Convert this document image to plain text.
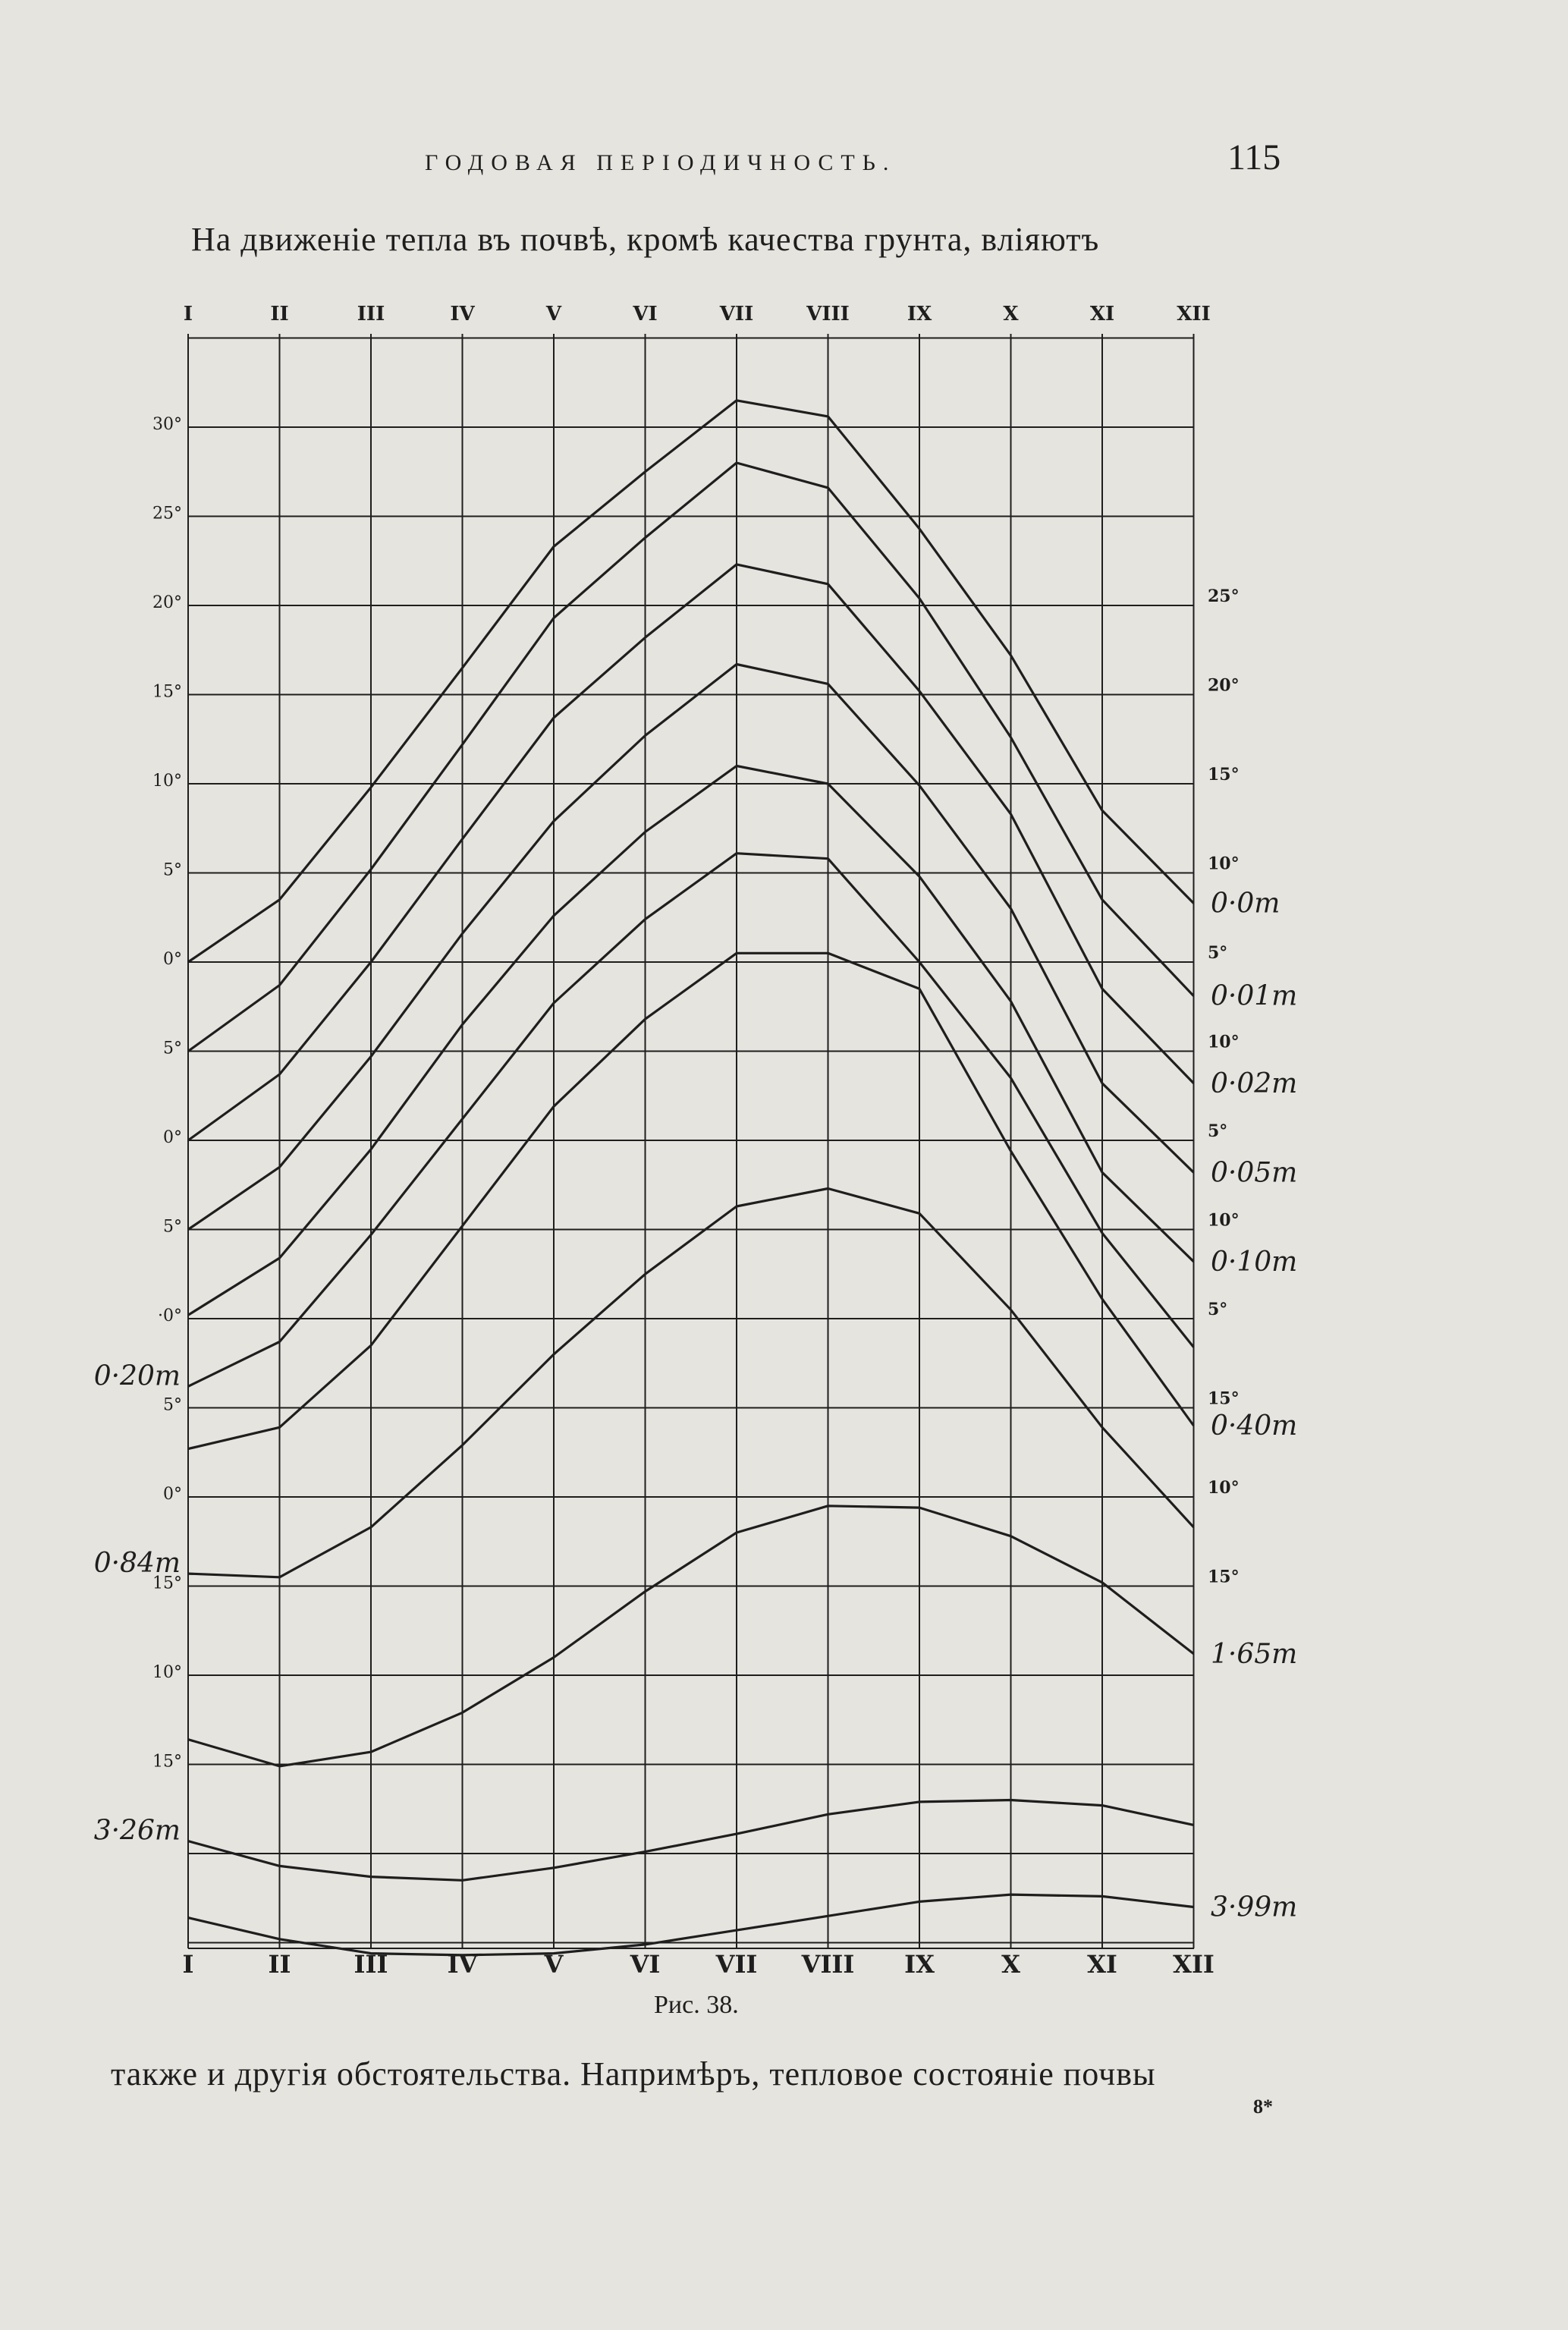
ГОДОВАЯ ПЕРІОДИЧНОСТЬ.	115
На движеніе тепла въ почвѣ, кромѣ качества грунта, вліяютъ
0·0m
0·01m
0·02m
0·05m
0·10m
0·20m
0·40m
0·84m
1·65m
3·26m
3·99m
I	II	III	IV	V	VI	VII	VIII	IX	X	XI	XII
I	II	III IV	V	VI VII VIII IX	X	XI XII
30°
25°
20°
15°
10°
5°
0°
5°
0°
5°
·0°
5°
0°
15°
10°
15°
25°
20°
15°
10°
5°
10°
5°
10°
5°
15°
10°
15°
Рис. 38.
также и другія обстоятельства. Напримѣръ, тепловое состояніе почвы
8*
